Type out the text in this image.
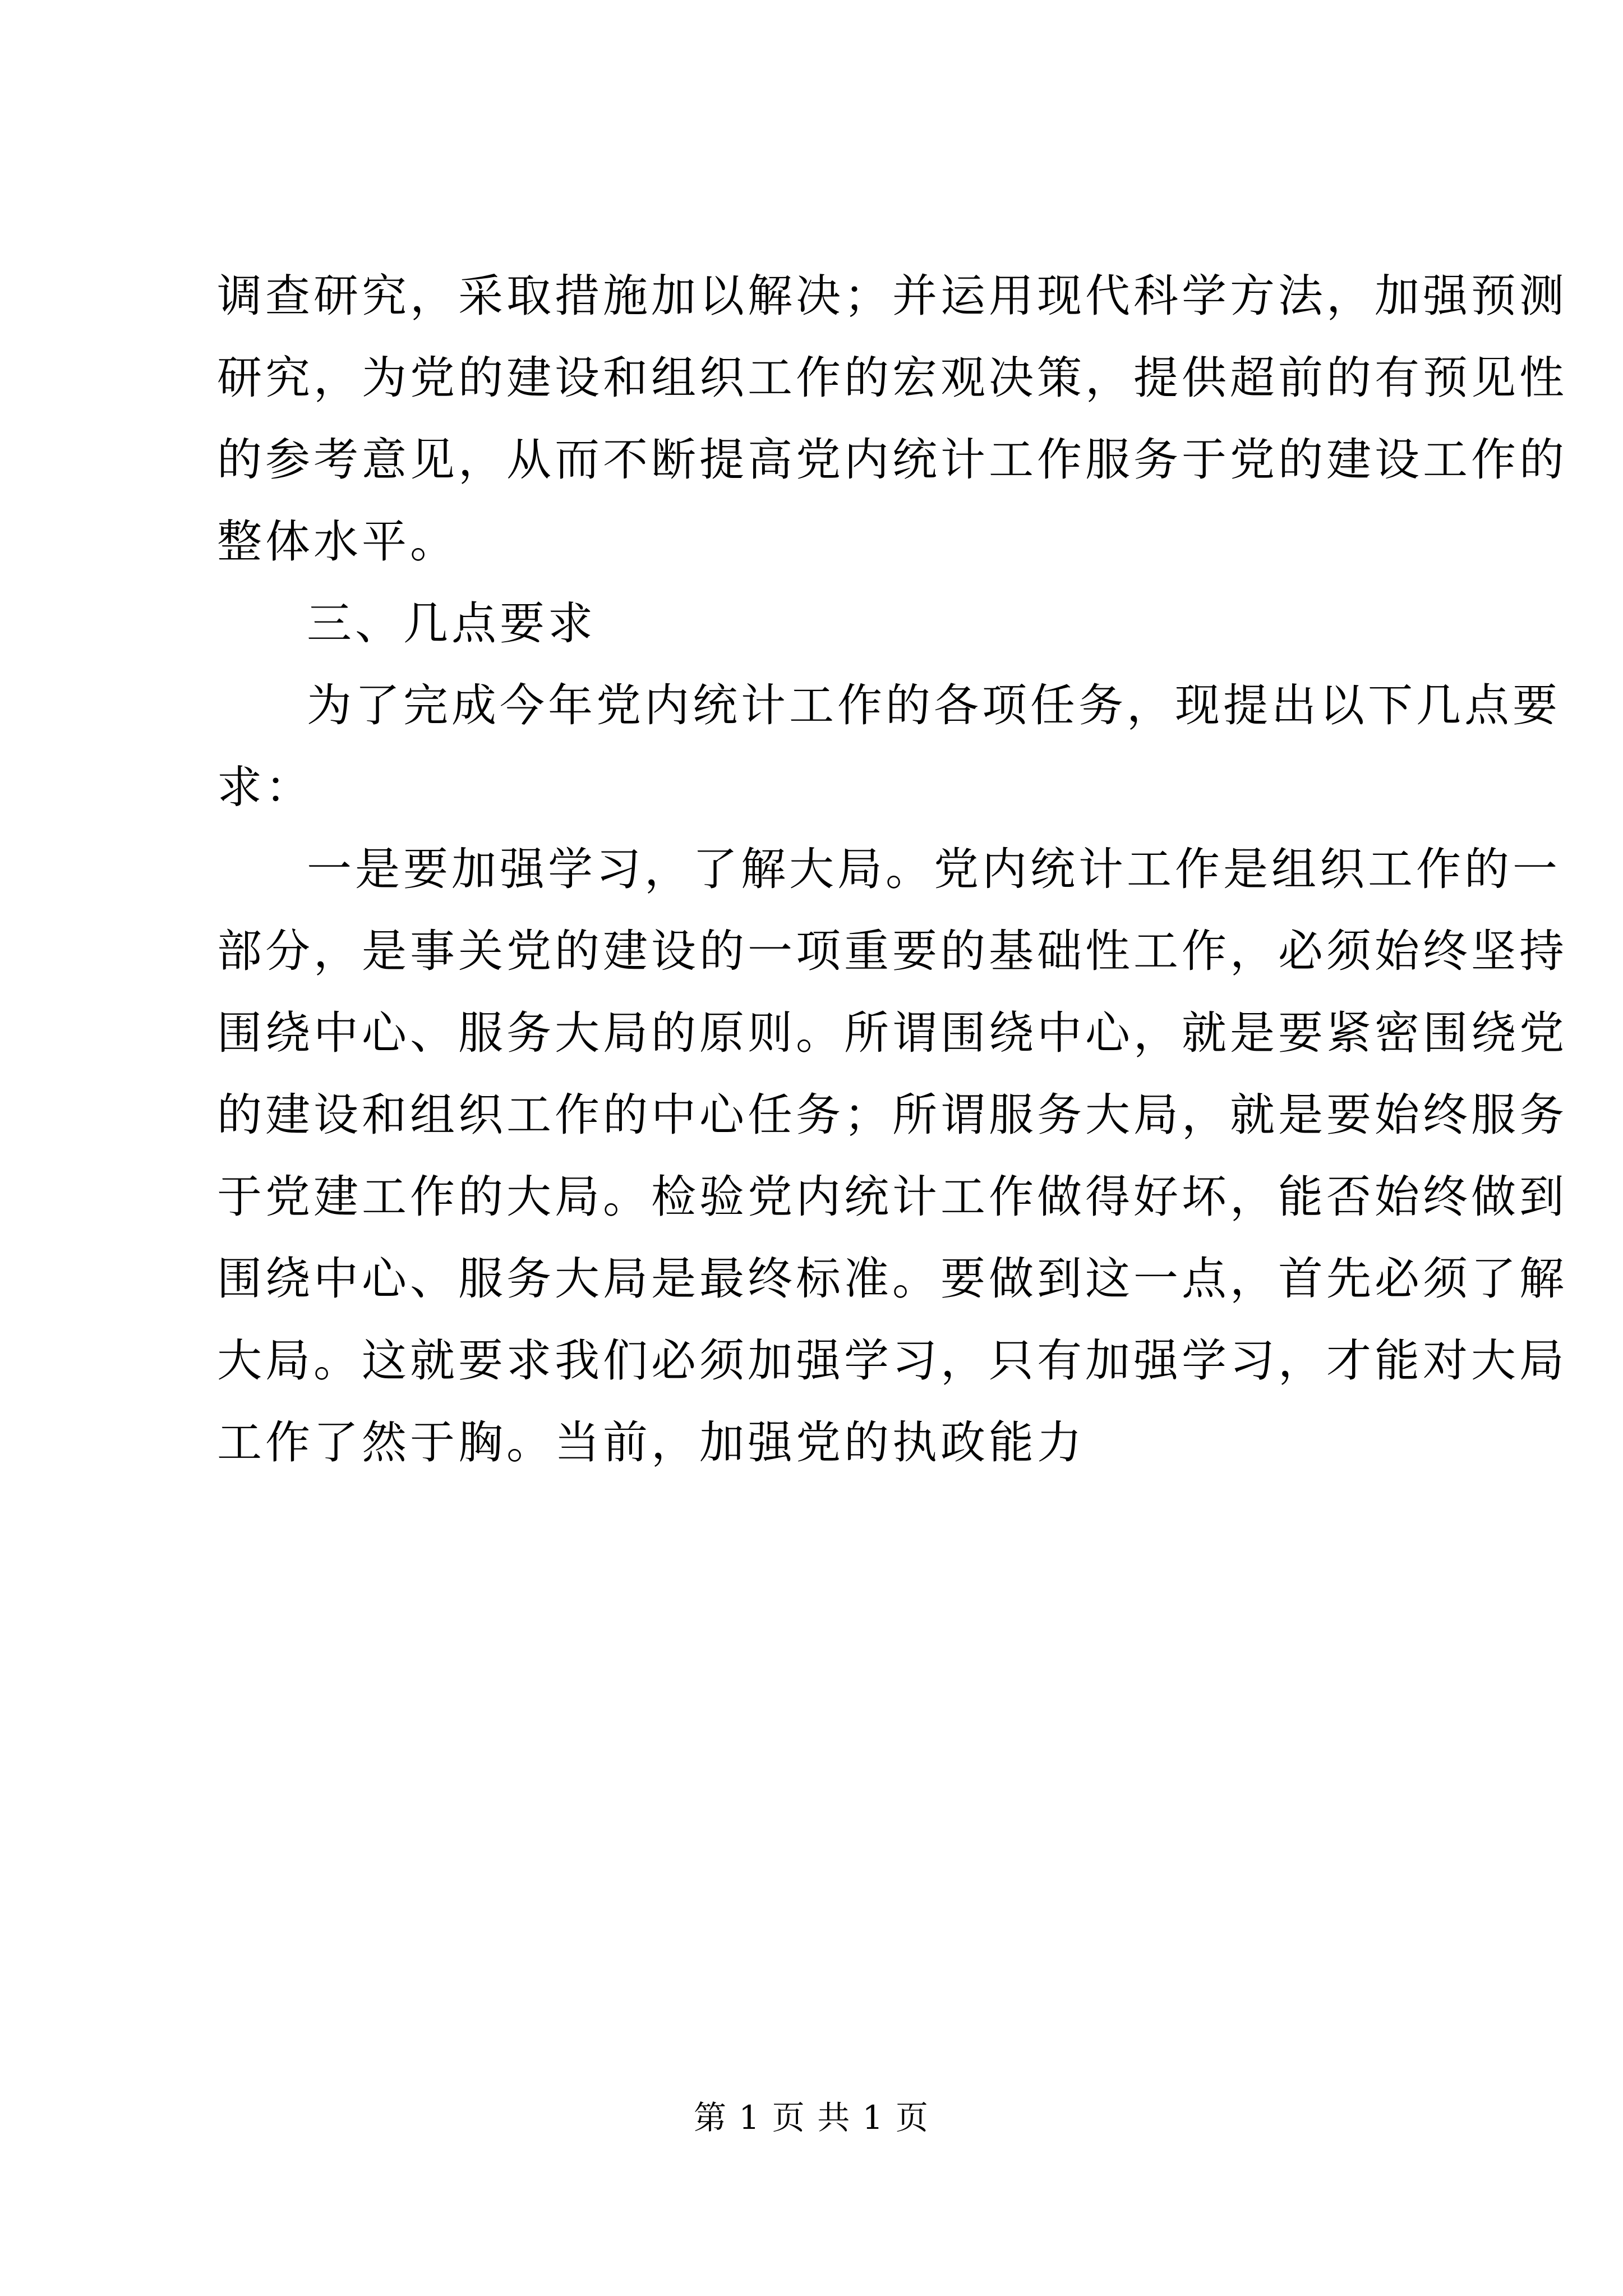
调查研究，采取措施加以解决；并运用现代科学方法，加强预测
研究，为党的建设和组织工作的宏观决策，提供超前的有预见性
的参考意见，从而不断提高党内统计工作服务于党的建设工作的
整体水平。
三、几点要求
为了完成今年党内统计工作的各项任务，现提出以下几点要
求：
一是要加强学习，了解大局。党内统计工作是组织工作的一
部分，是事关党的建设的一项重要的基础性工作，必须始终坚持
围绕中心、服务大局的原则。所谓围绕中心，就是要紧密围绕党
的建设和组织工作的中心任务；所谓服务大局，就是要始终服务
于党建工作的大局。检验党内统计工作做得好坏，能否始终做到
围绕中心、服务大局是最终标准。要做到这一点，首先必须了解
大局。这就要求我们必须加强学习，只有加强学习，才能对大局
工作了然于胸。当前，加强党的执政能力
第 1 页 共 1 页
